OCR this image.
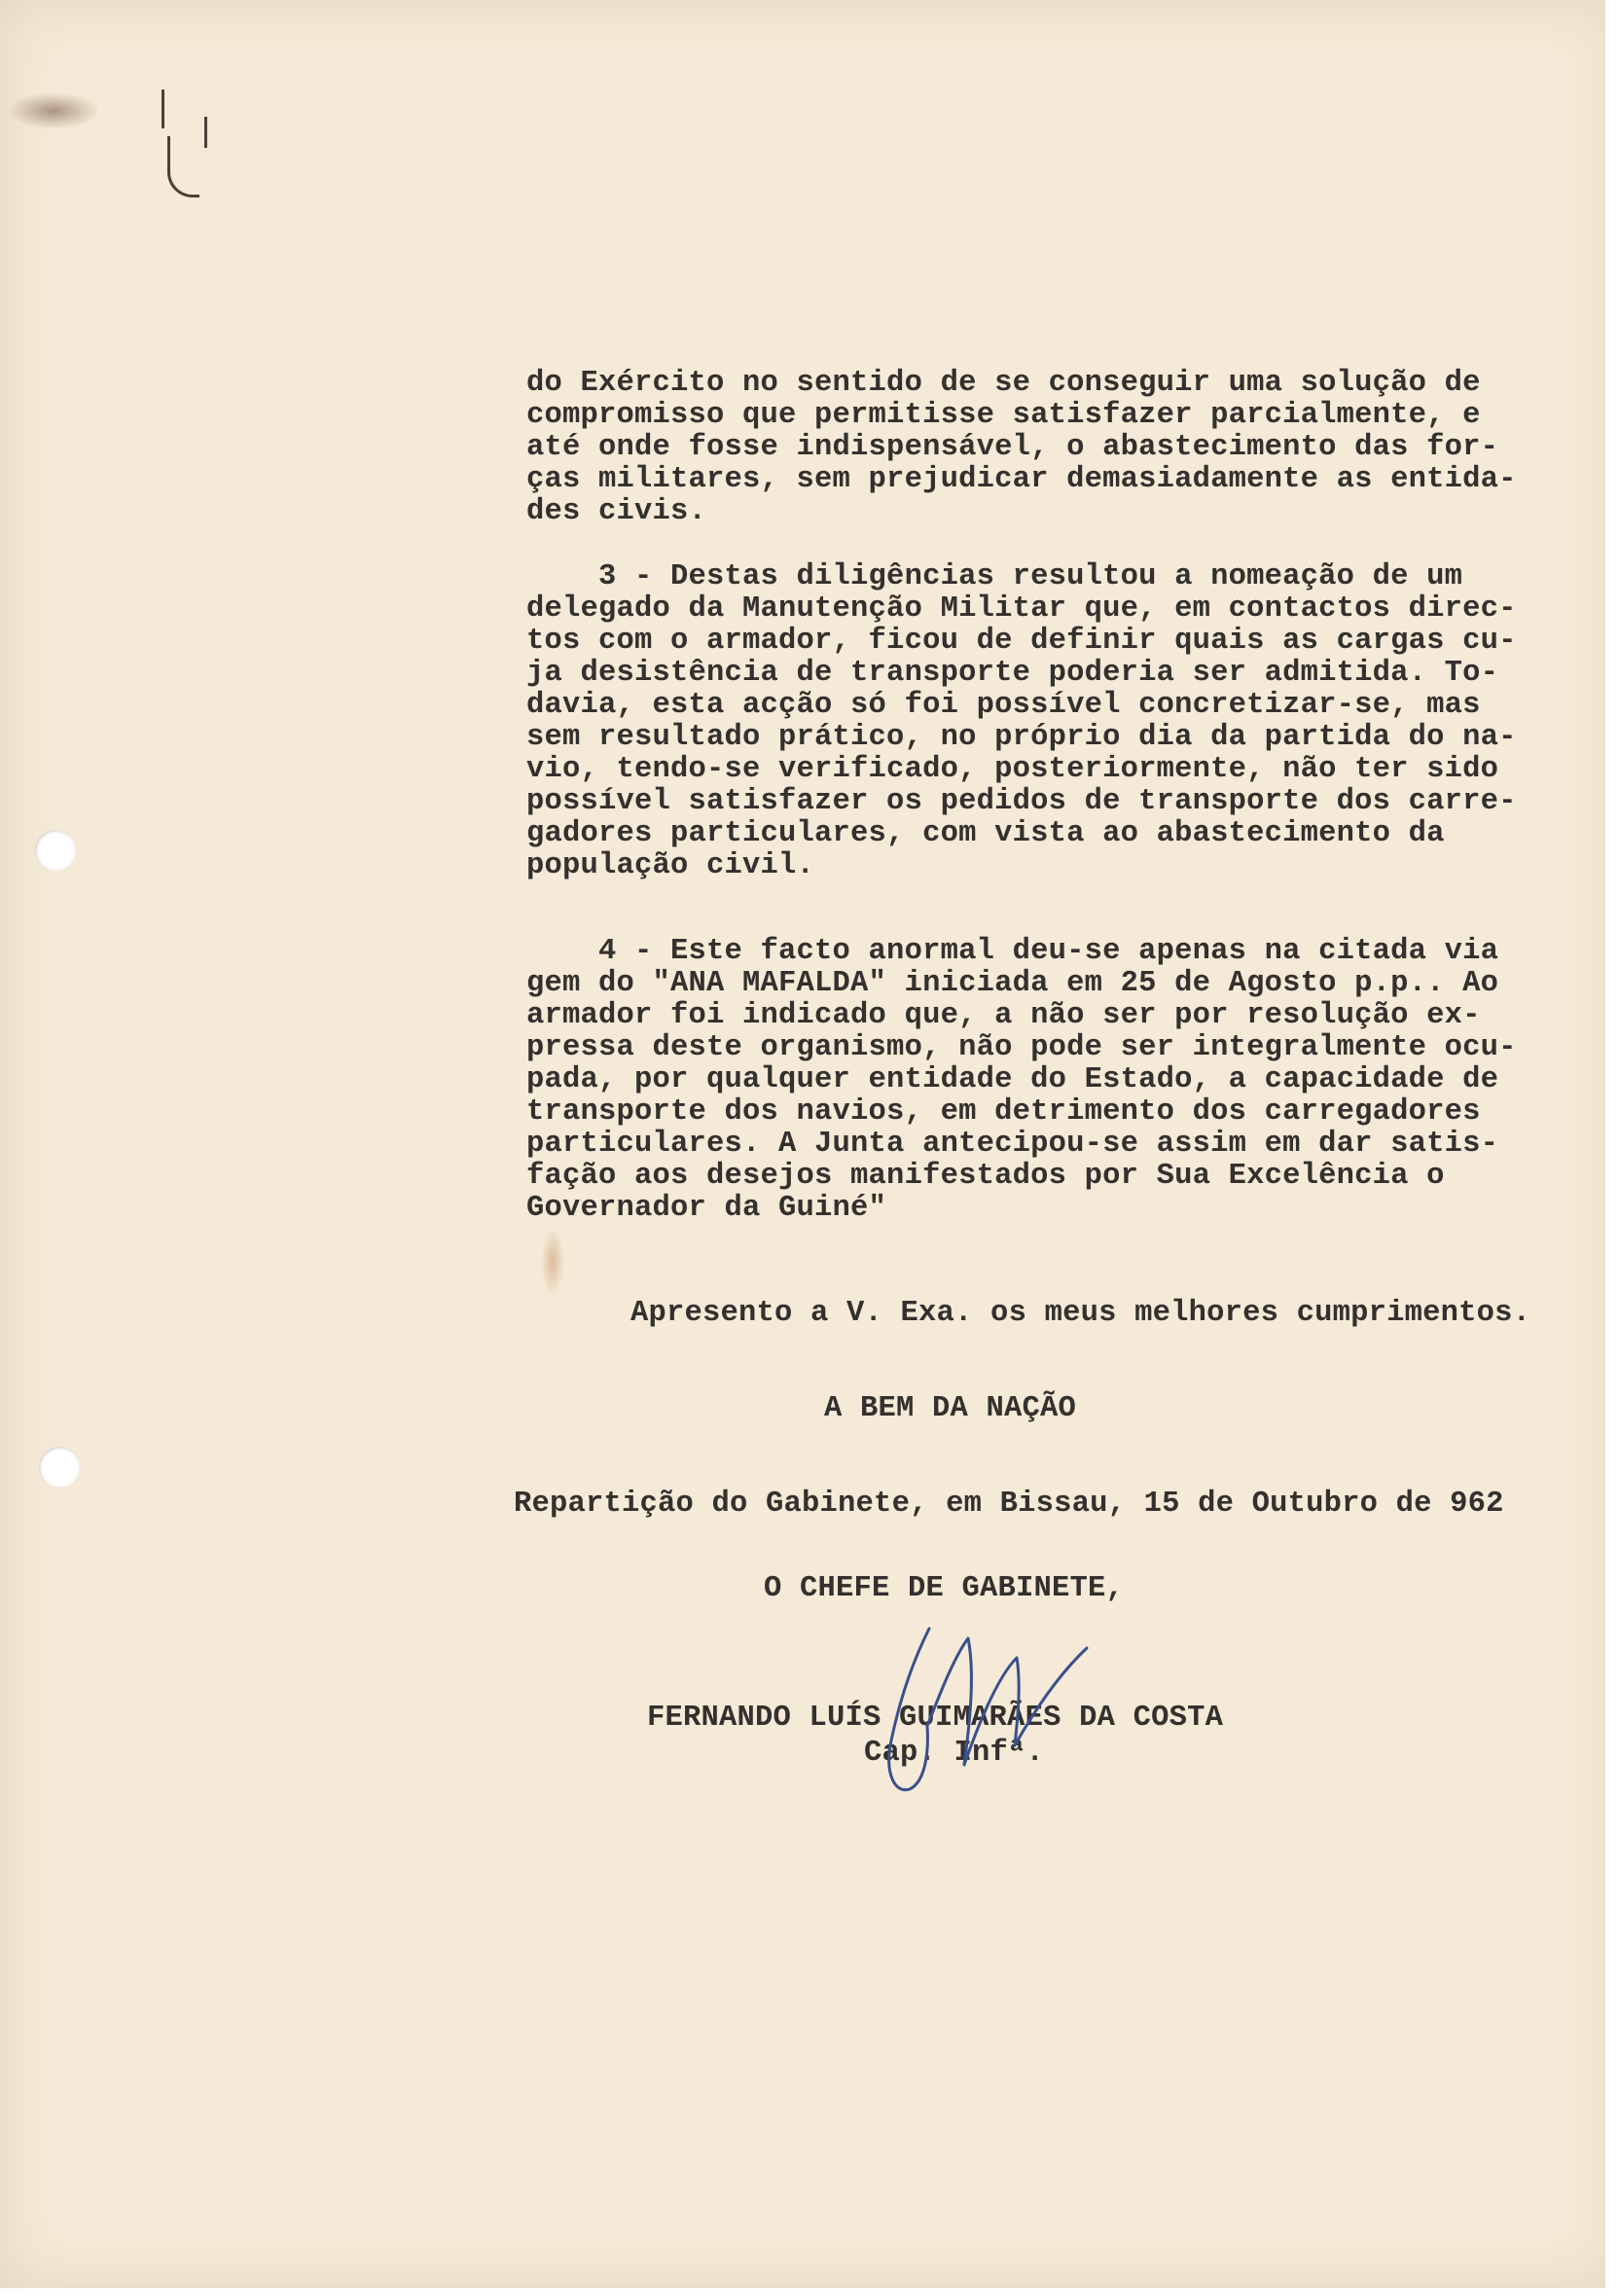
do Exército no sentido de se conseguir uma solução de
compromisso que permitisse satisfazer parcialmente, e
até onde fosse indispensável, o abastecimento das for-
ças militares, sem prejudicar demasiadamente as entida-
des civis.

3 - Destas diligências resultou a nomeação de um
delegado da Manutenção Militar que, em contactos direc-
tos com o armador, ficou de definir quais as cargas cu-
ja desistência de transporte poderia ser admitida. To-
davia, esta acção só foi possível concretizar-se, mas
sem resultado prático, no próprio dia da partida do na-
vio, tendo-se verificado, posteriormente, não ter sido
possível satisfazer os pedidos de transporte dos carre-
gadores particulares, com vista ao abastecimento da
população civil.

4 - Este facto anormal deu-se apenas na citada via
gem do "ANA MAFALDA" iniciada em 25 de Agosto p.p.. Ao
armador foi indicado que, a não ser por resolução ex-
pressa deste organismo, não pode ser integralmente ocu-
pada, por qualquer entidade do Estado, a capacidade de
transporte dos navios, em detrimento dos carregadores
particulares. A Junta antecipou-se assim em dar satis-
fação aos desejos manifestados por Sua Excelência o
Governador da Guiné"

Apresento a V. Exa. os meus melhores cumprimentos.

A BEM DA NAÇÃO

Repartição do Gabinete, em Bissau, 15 de Outubro de 962

O CHEFE DE GABINETE,

FERNANDO LUÍS GUIMARÃES DA COSTA

Cap. Infª.
